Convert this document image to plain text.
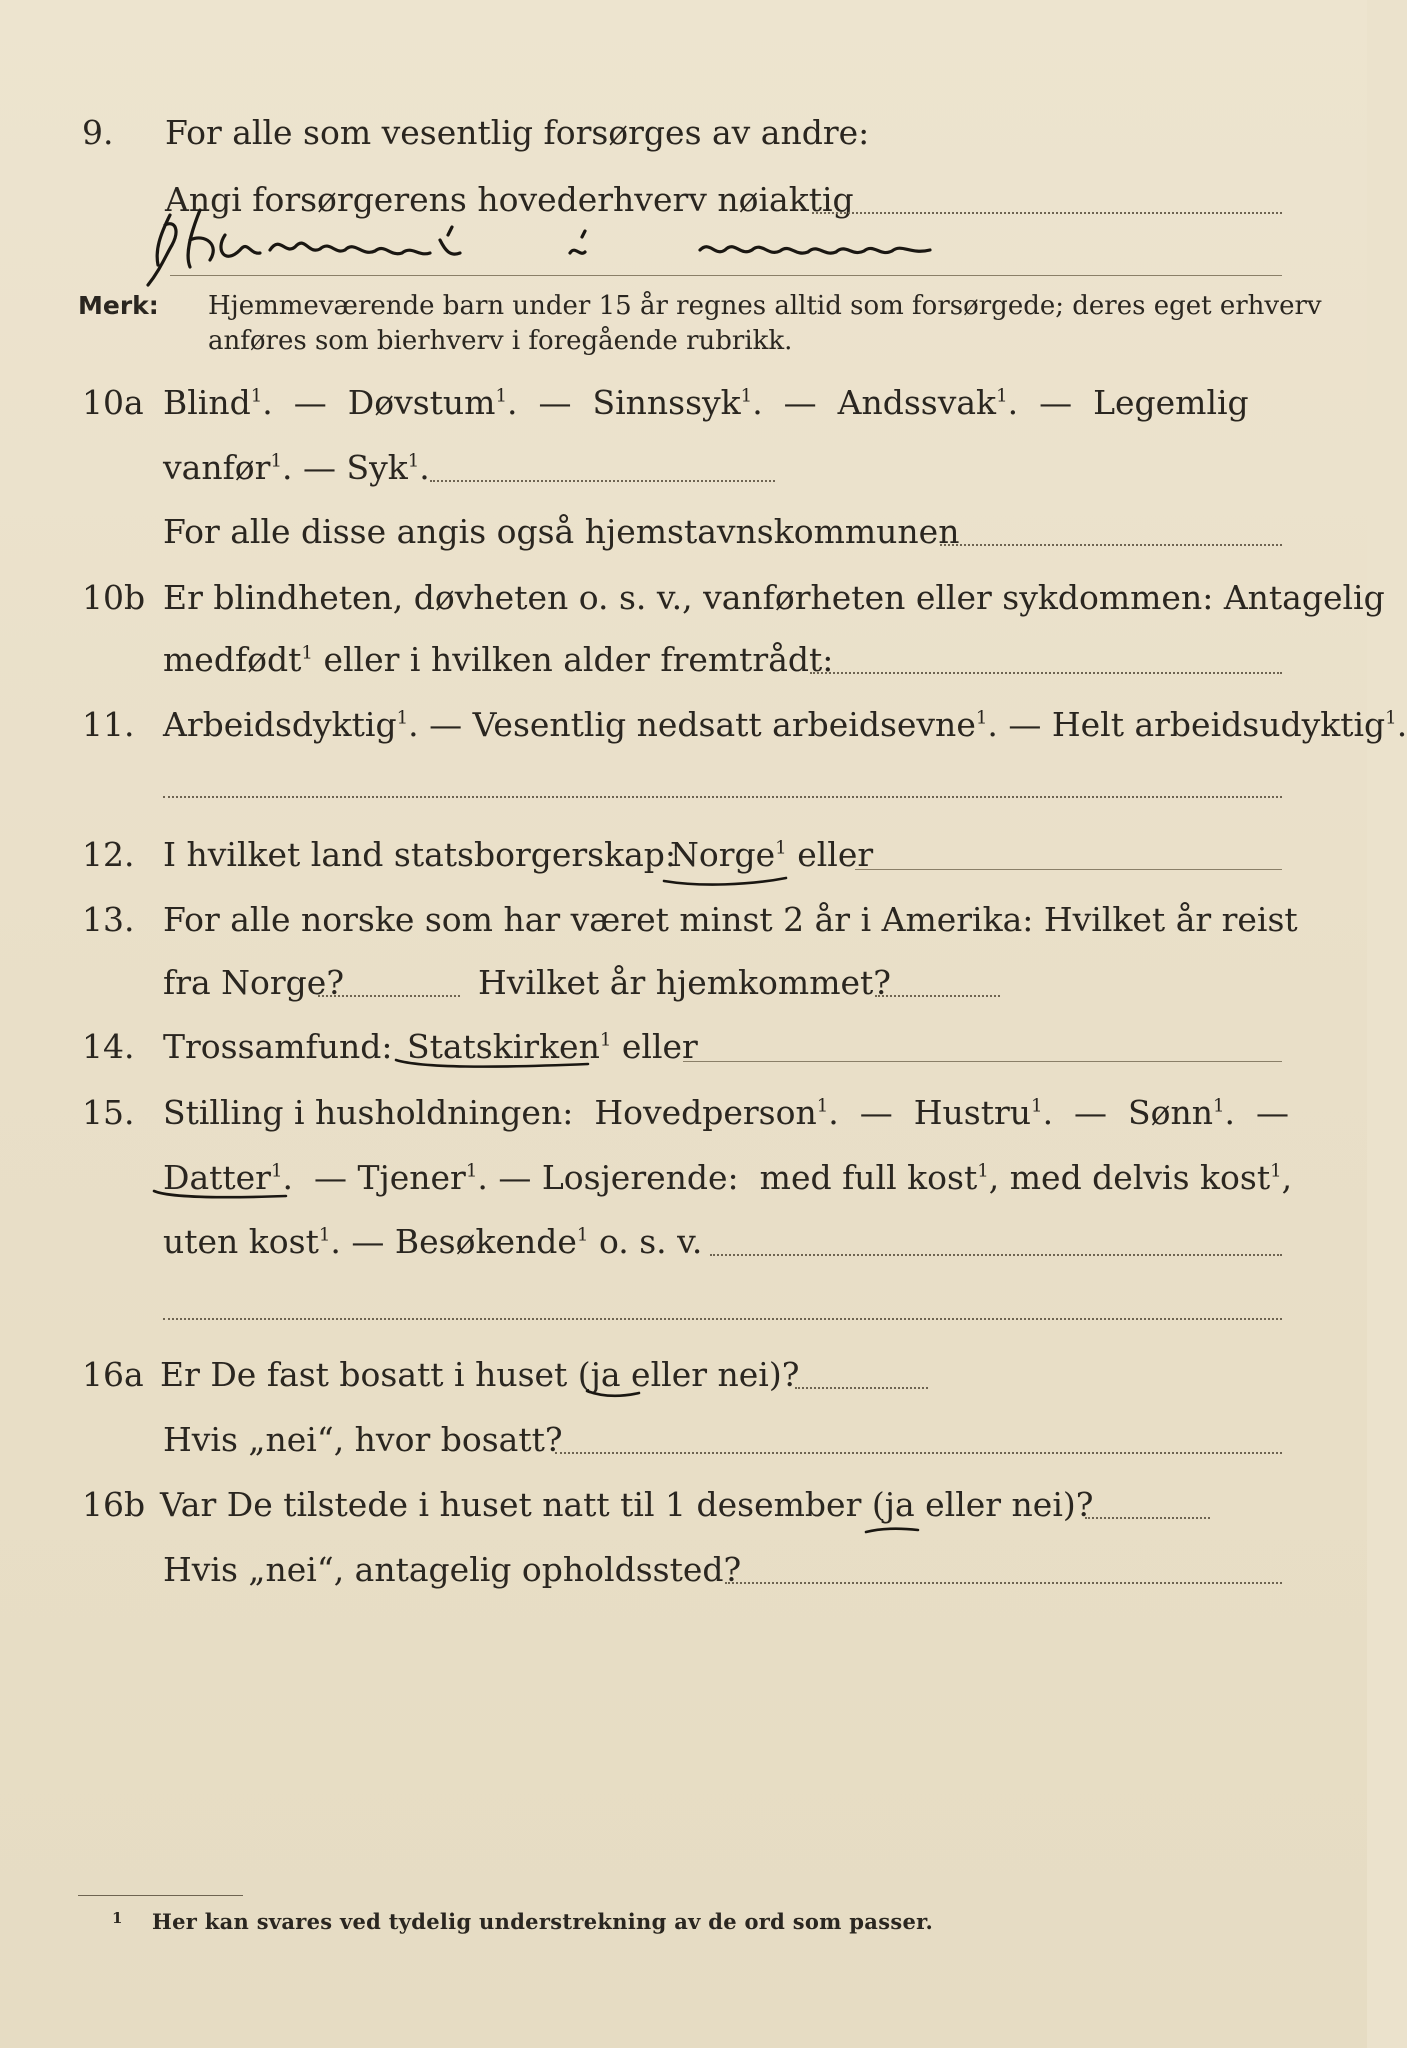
9. For alle som vesentlig forsørges av andre:
Angi forsørgerens hovederhverv nøiaktig
Merk: Hjemmeværende barn under 15 år regnes alltid som forsørgede; deres eget erhverv
anføres som bierhverv i foregående rubrikk.
10a Blind$^1$.  —  Døvstum$^1$.  —  Sinnssyk$^1$.  —  Andssvak$^1$.  —  Legemlig
vanfør$^1$. — Syk$^1$.
For alle disse angis også hjemstavnskommunen
10b Er blindheten, døvheten o. s. v., vanførheten eller sykdommen: Antagelig
medfødt$^1$ eller i hvilken alder fremtrådt:
11. Arbeidsdyktig$^1$. — Vesentlig nedsatt arbeidsevne$^1$. — Helt arbeidsudyktig$^1$.
12. I hvilket land statsborgerskap:
Norge$^1$ eller
13. For alle norske som har været minst 2 år i Amerika: Hvilket år reist
fra Norge?	Hvilket år hjemkommet?
14. Trossamfund: Statskirken$^1$ eller
15. Stilling i husholdningen: Hovedperson$^1$.  —  Hustru$^1$.  —  Sønn$^1$.  —
Datter$^1$.  — Tjener$^1$. — Losjerende: med full kost$^1$, med delvis kost$^1$,
uten kost$^1$. — Besøkende$^1$ o. s. v.
16a Er De fast bosatt i huset (ja eller nei)?
Hvis „nei“, hvor bosatt?
16b Var De tilstede i huset natt til 1 desember (ja eller nei)?
Hvis „nei“, antagelig opholdssted?
1 Her kan svares ved tydelig understrekning av de ord som passer.
